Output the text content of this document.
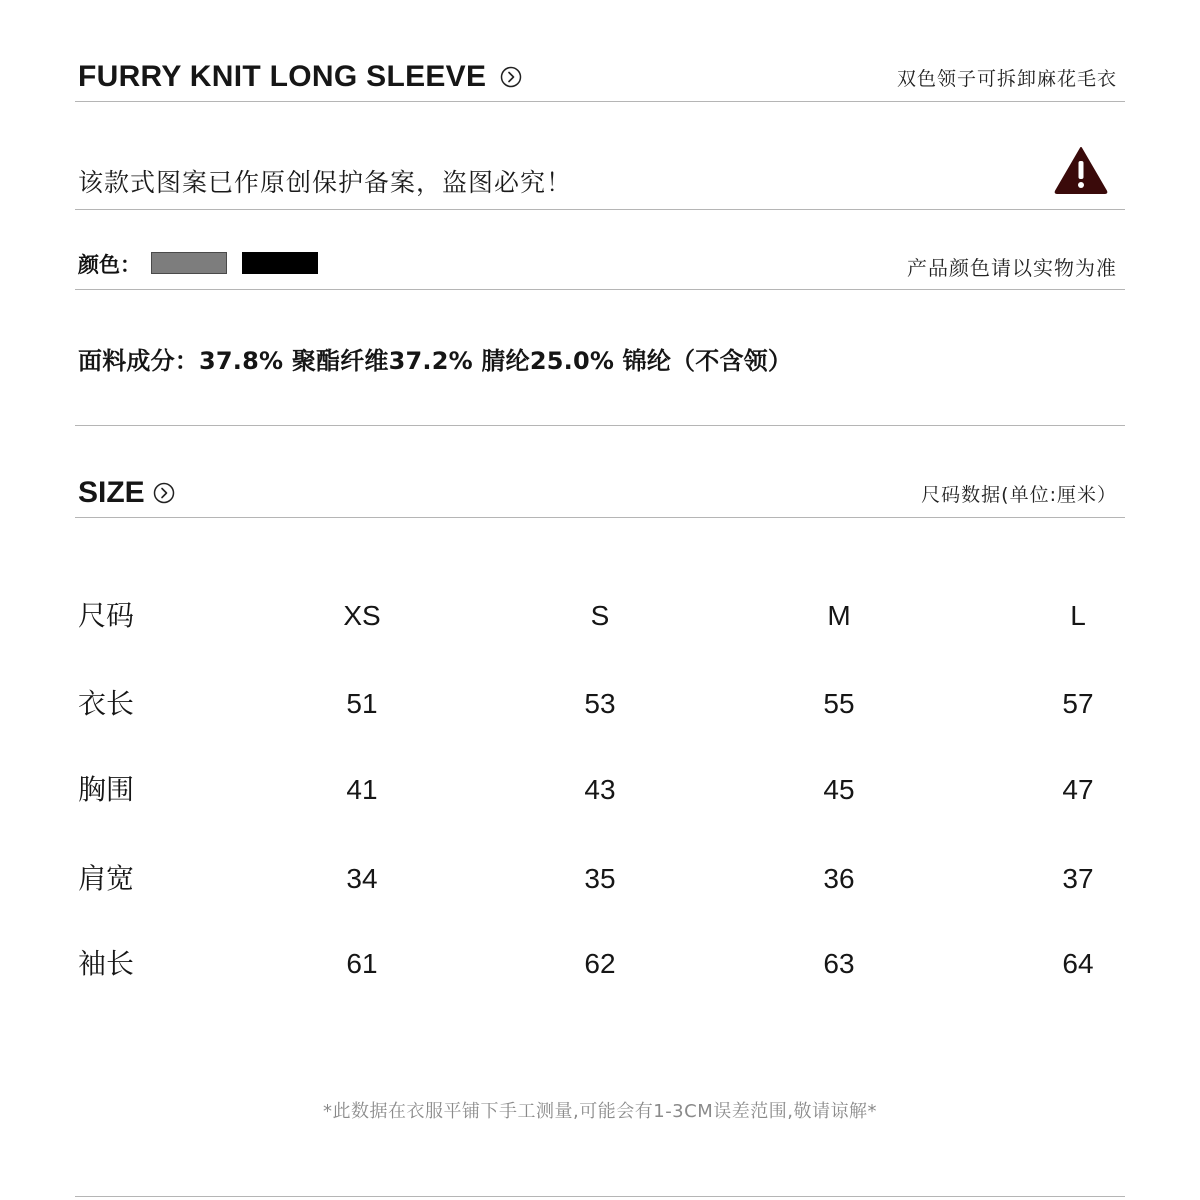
FURRY KNIT LONG SLEEVE	双色领子可拆卸麻花毛衣
该款式图案已作原创保护备案，盗图必究！
颜色：	产品颜色请以实物为准
面料成分：37.8% 聚酯纤维37.2% 腈纶25.0% 锦纶（不含领）
SIZE	尺码数据(单位:厘米）
尺码	XS	S	M	L
衣长	51	53	55	57
胸围	41	43	45	47
肩宽	34	35	36	37
袖长	61	62	63	64
*此数据在衣服平铺下手工测量,可能会有1-3CM误差范围,敬请谅解*
